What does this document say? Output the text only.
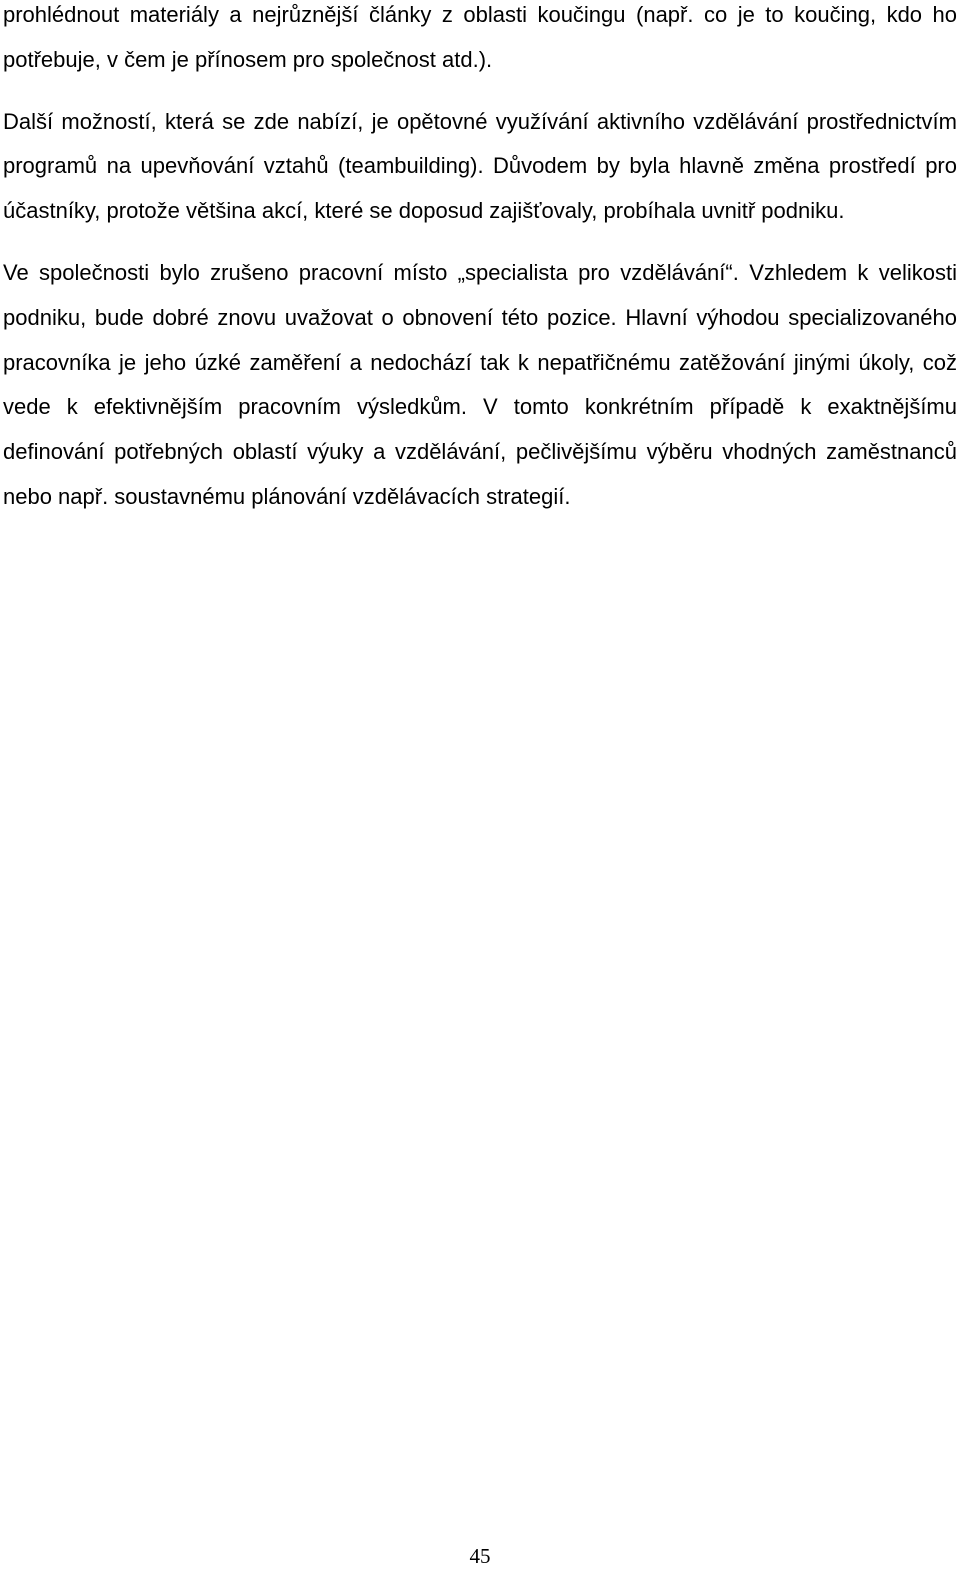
prohlédnout materiály a nejrůznější články z oblasti koučingu (např. co je to koučing, kdo ho potřebuje, v čem je přínosem pro společnost atd.).

Další možností, která se zde nabízí, je opětovné využívání aktivního vzdělávání prostřednictvím programů na upevňování vztahů (teambuilding). Důvodem by byla hlavně změna prostředí pro účastníky, protože většina akcí, které se doposud zajišťovaly, probíhala uvnitř podniku.

Ve společnosti bylo zrušeno pracovní místo „specialista pro vzdělávání“. Vzhledem k velikosti podniku, bude dobré znovu uvažovat o obnovení této pozice. Hlavní výhodou specializovaného pracovníka je jeho úzké zaměření a nedochází tak k nepatřičnému zatěžování jinými úkoly, což vede k efektivnějším pracovním výsledkům. V tomto konkrétním případě k exaktnějšímu definování potřebných oblastí výuky a vzdělávání, pečlivějšímu výběru vhodných zaměstnanců nebo např. soustavnému plánování vzdělávacích strategií.

45
